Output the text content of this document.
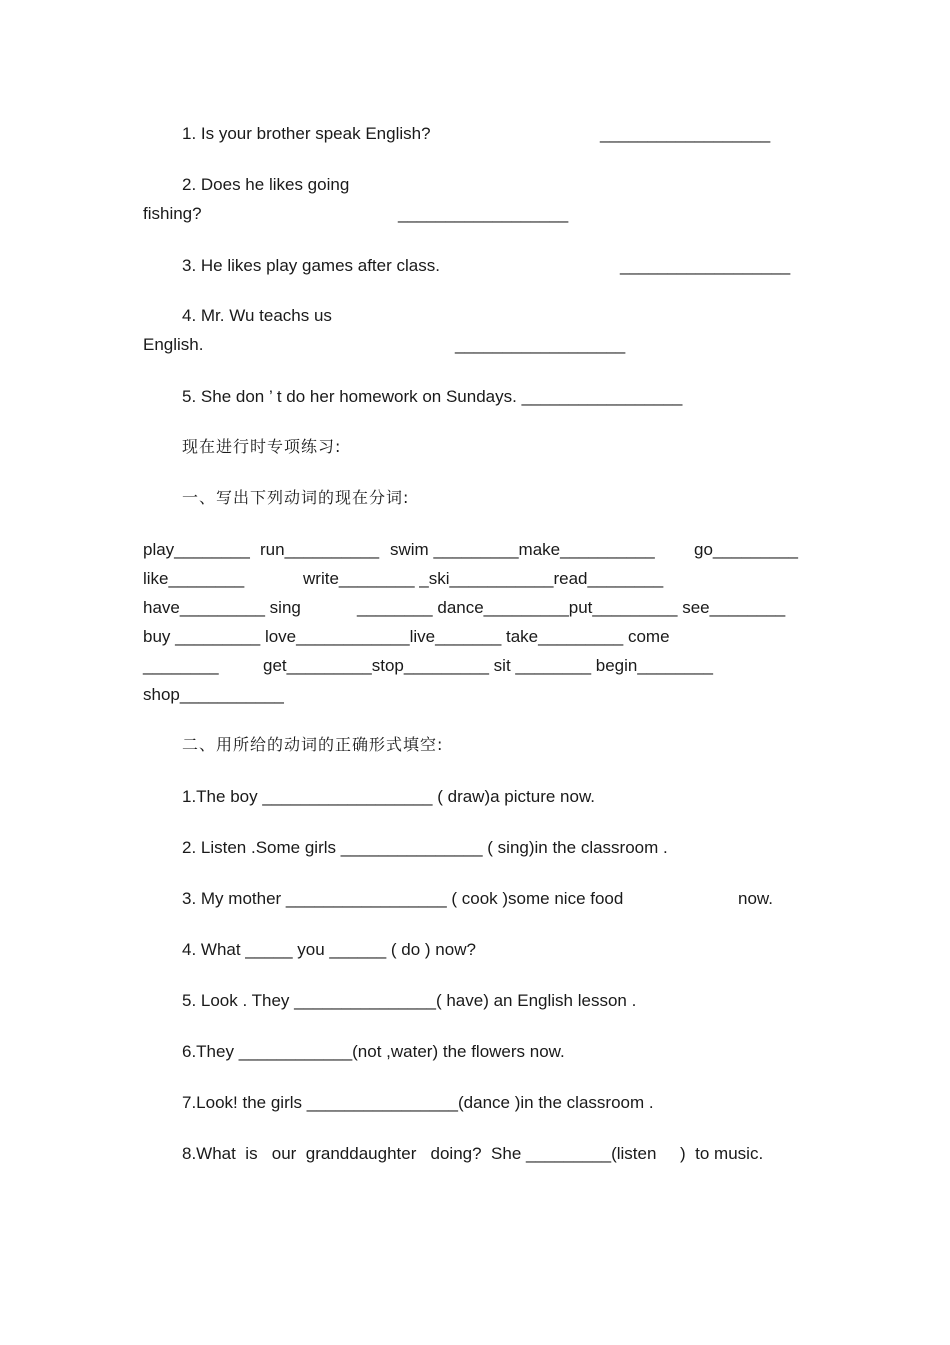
1. Is your brother speak English?	__________________
2. Does he likes going
fishing?	__________________
3. He likes play games after class.	__________________
4. Mr. Wu teachs us
English.	__________________
5. She don ’ t do her homework on Sundays. _________________
现在进行时专项练习:
一、写出下列动词的现在分词:
play________ run__________ swim _________make__________ go_________
like________	write________ _ski___________read________
have_________ sing	________ dance_________put_________ see________
buy _________ love____________live_______ take_________ come
________	get_________stop_________ sit ________ begin________
shop___________
二、用所给的动词的正确形式填空:
1.The boy __________________ ( draw)a picture now.
2. Listen .Some girls _______________ ( sing)in the classroom .
3. My mother _________________ ( cook )some nice food	now.
4. What _____ you ______ ( do ) now?
5. Look . They _______________( have) an English lesson .
6.They ____________(not ,water) the flowers now.
7.Look! the girls ________________(dance )in the classroom .
8.What  is   our  granddaughter   doing?  She _________(listen     )  to music.
